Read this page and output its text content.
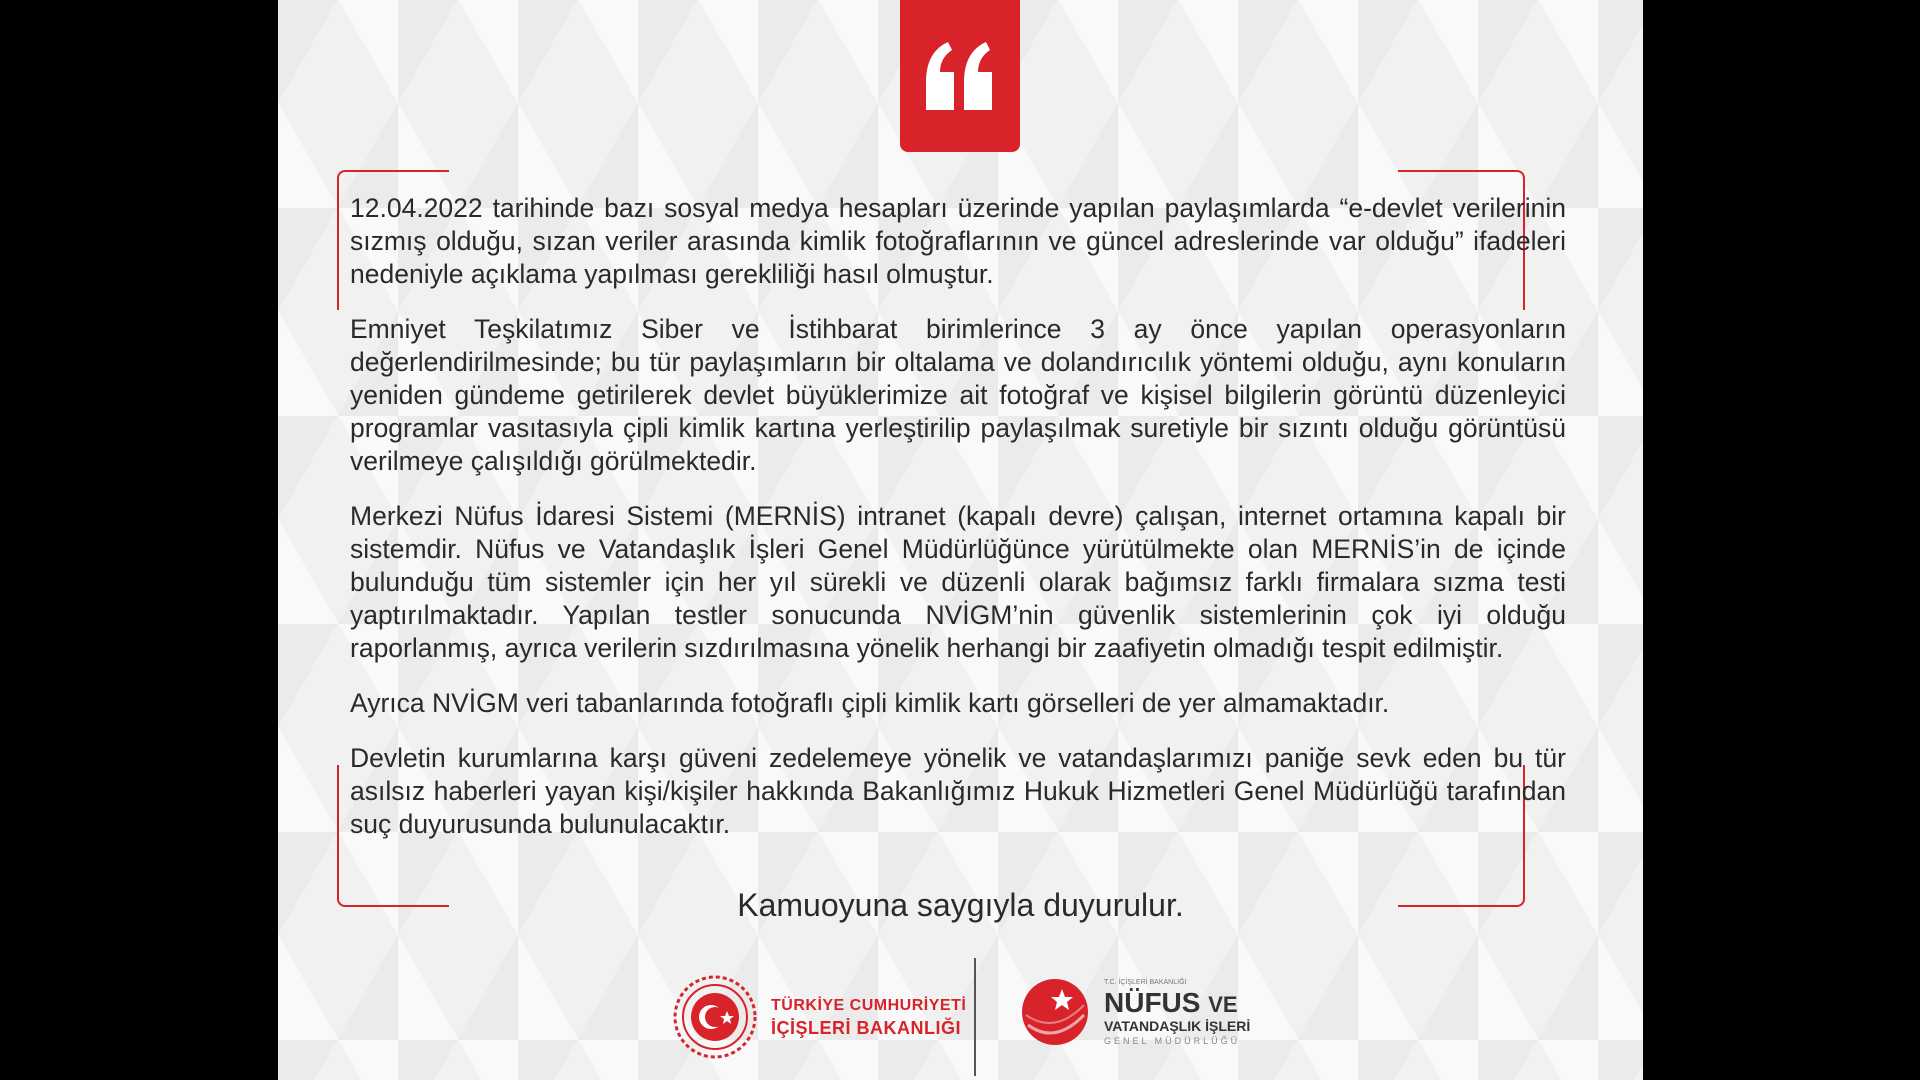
12.04.2022 tarihinde bazı sosyal medya hesapları üzerinde yapılan paylaşımlarda “e-devlet verilerinin sızmış olduğu, sızan veriler arasında kimlik fotoğraflarının ve güncel adreslerinde var olduğu” ifadeleri nedeniyle açıklama yapılması gerekliliği hasıl olmuştur.

Emniyet Teşkilatımız Siber ve İstihbarat birimlerince 3 ay önce yapılan operasyonların değerlendirilmesinde; bu tür paylaşımların bir oltalama ve dolandırıcılık yöntemi olduğu, aynı konuların yeniden gündeme getirilerek devlet büyüklerimize ait fotoğraf ve kişisel bilgilerin görüntü düzenleyici programlar vasıtasıyla çipli kimlik kartına yerleştirilip paylaşılmak suretiyle bir sızıntı olduğu görüntüsü verilmeye çalışıldığı görülmektedir.

Merkezi Nüfus İdaresi Sistemi (MERNİS) intranet (kapalı devre) çalışan, internet ortamına kapalı bir sistemdir. Nüfus ve Vatandaşlık İşleri Genel Müdürlüğünce yürütülmekte olan MERNİS’in de içinde bulunduğu tüm sistemler için her yıl sürekli ve düzenli olarak bağımsız farklı firmalara sızma testi yaptırılmaktadır. Yapılan testler sonucunda NVİGM’nin güvenlik sistemlerinin çok iyi olduğu raporlanmış, ayrıca verilerin sızdırılmasına yönelik herhangi bir zaafiyetin olmadığı tespit edilmiştir.

Ayrıca NVİGM veri tabanlarında fotoğraflı çipli kimlik kartı görselleri de yer almamaktadır.

Devletin kurumlarına karşı güveni zedelemeye yönelik ve vatandaşlarımızı paniğe sevk eden bu tür asılsız haberleri yayan kişi/kişiler hakkında Bakanlığımız Hukuk Hizmetleri Genel Müdürlüğü tarafından suç duyurusunda bulunulacaktır.

Kamuoyuna saygıyla duyurulur.
TÜRKİYE CUMHURİYETİ
İÇİŞLERİ BAKANLIĞI
T.C. İÇİŞLERİ BAKANLIĞI
NÜFUS VE
VATANDAŞLIK İŞLERİ
GENEL MÜDÜRLÜĞÜ
